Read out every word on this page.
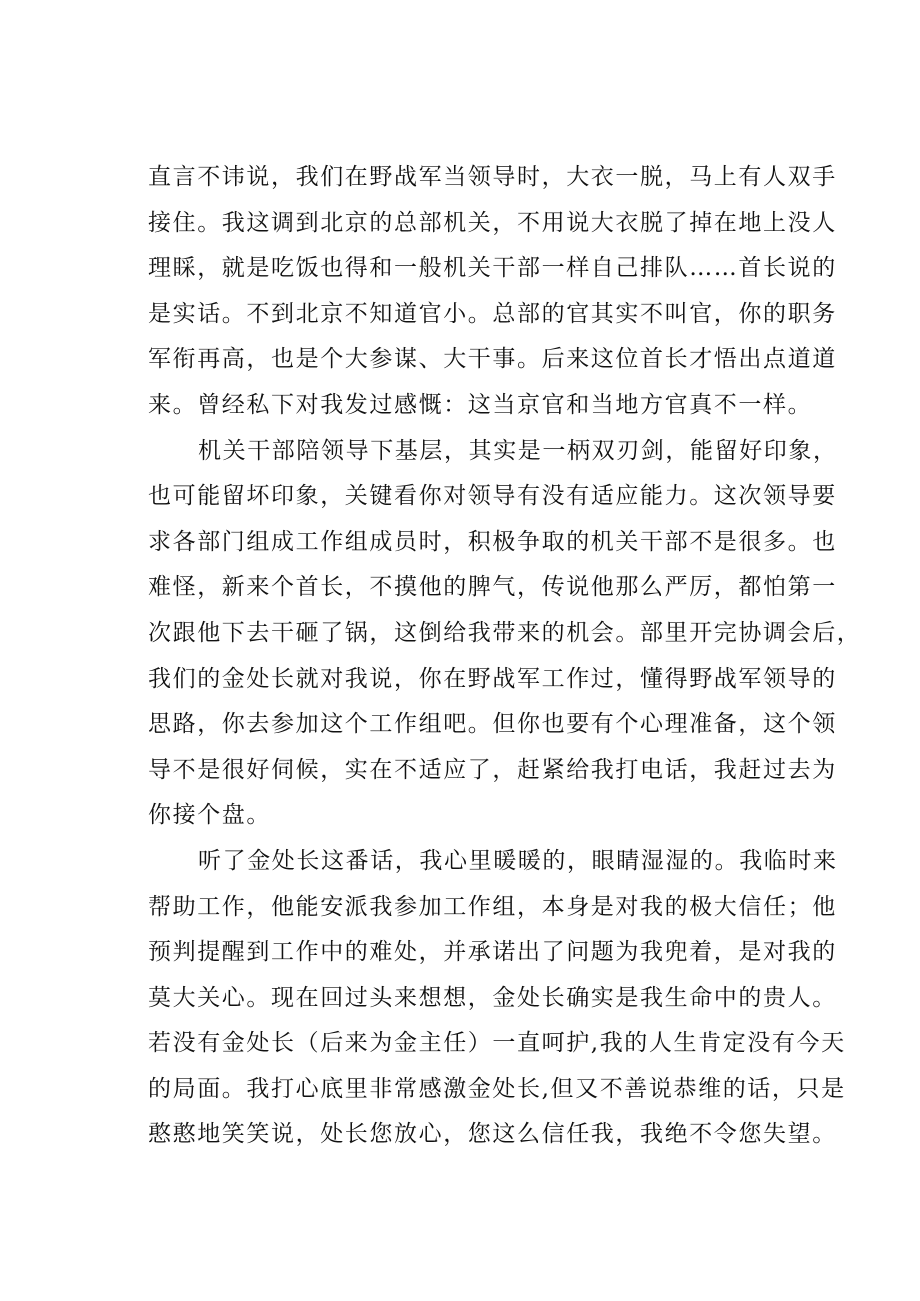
直言不讳说，我们在野战军当领导时，大衣一脱，马上有人双手
接住。我这调到北京的总部机关，不用说大衣脱了掉在地上没人
理睬，就是吃饭也得和一般机关干部一样自己排队……首长说的
是实话。不到北京不知道官小。总部的官其实不叫官，你的职务
军衔再高，也是个大参谋、大干事。后来这位首长才悟出点道道
来。曾经私下对我发过感慨：这当京官和当地方官真不一样。
机关干部陪领导下基层，其实是一柄双刃剑，能留好印象，
也可能留坏印象，关键看你对领导有没有适应能力。这次领导要
求各部门组成工作组成员时，积极争取的机关干部不是很多。也
难怪，新来个首长，不摸他的脾气，传说他那么严厉，都怕第一
次跟他下去干砸了锅，这倒给我带来的机会。部里开完协调会后，
我们的金处长就对我说，你在野战军工作过，懂得野战军领导的
思路，你去参加这个工作组吧。但你也要有个心理准备，这个领
导不是很好伺候，实在不适应了，赶紧给我打电话，我赶过去为
你接个盘。
听了金处长这番话，我心里暖暖的，眼睛湿湿的。我临时来
帮助工作，他能安派我参加工作组，本身是对我的极大信任；他
预判提醒到工作中的难处，并承诺出了问题为我兜着，是对我的
莫大关心。现在回过头来想想，金处长确实是我生命中的贵人。
若没有金处长（后来为金主任）一直呵护,我的人生肯定没有今天
的局面。我打心底里非常感激金处长,但又不善说恭维的话，只是
憨憨地笑笑说，处长您放心，您这么信任我，我绝不令您失望。
